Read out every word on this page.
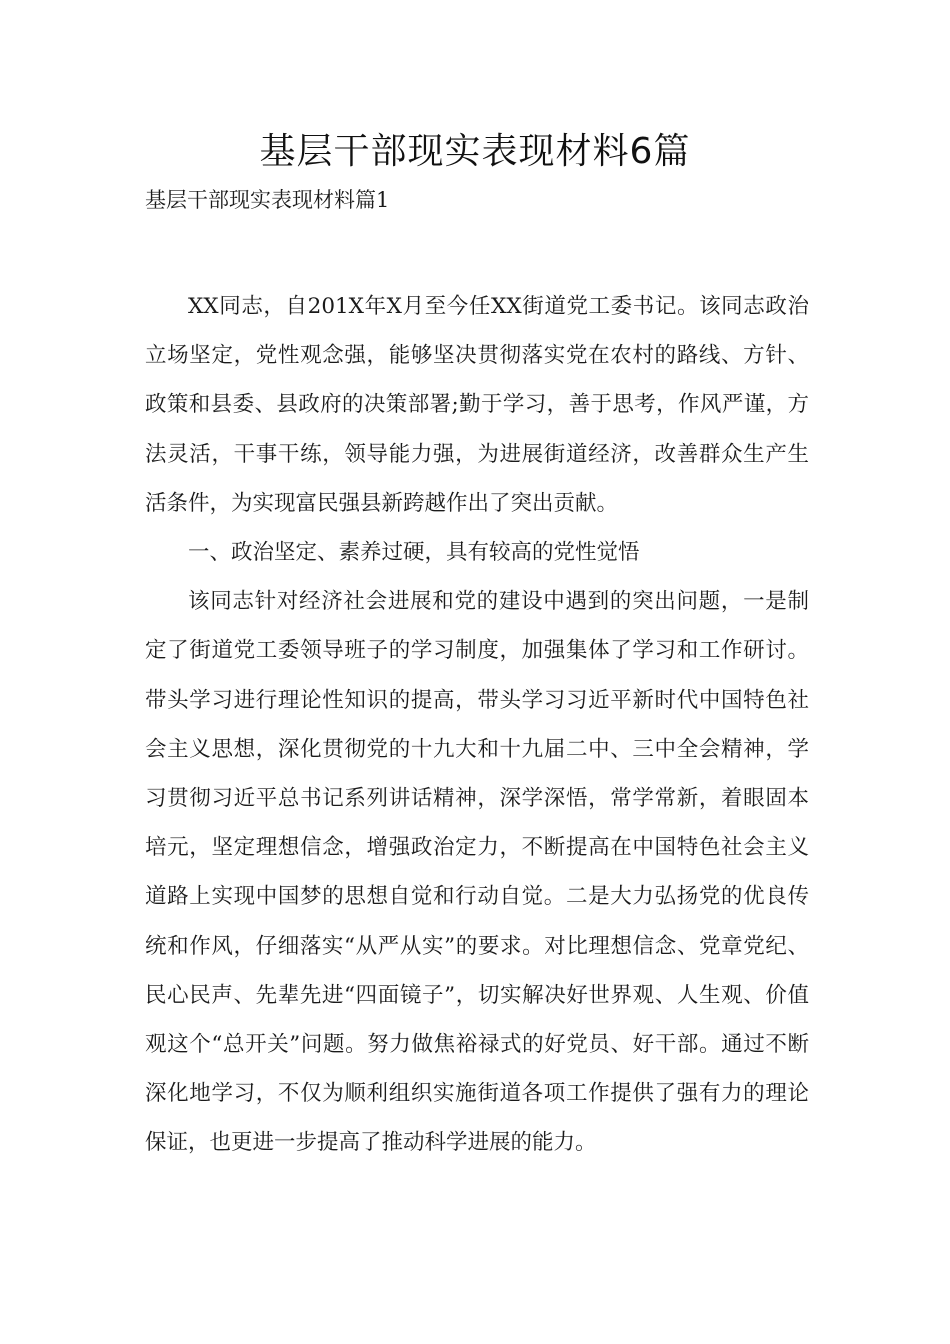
基层干部现实表现材料6篇
基层干部现实表现材料篇1

XX同志，自201X年X月至今任XX街道党工委书记。该同志政治立场坚定，党性观念强，能够坚决贯彻落实党在农村的路线、方针、政策和县委、县政府的决策部署;勤于学习，善于思考，作风严谨，方法灵活，干事干练，领导能力强，为进展街道经济，改善群众生产生活条件，为实现富民强县新跨越作出了突出贡献。

一、政治坚定、素养过硬，具有较高的党性觉悟

该同志针对经济社会进展和党的建设中遇到的突出问题，一是制定了街道党工委领导班子的学习制度，加强集体了学习和工作研讨。带头学习进行理论性知识的提高，带头学习习近平新时代中国特色社会主义思想，深化贯彻党的十九大和十九届二中、三中全会精神，学习贯彻习近平总书记系列讲话精神，深学深悟，常学常新，着眼固本培元，坚定理想信念，增强政治定力，不断提高在中国特色社会主义道路上实现中国梦的思想自觉和行动自觉。二是大力弘扬党的优良传统和作风，仔细落实“从严从实”的要求。对比理想信念、党章党纪、民心民声、先辈先进“四面镜子”，切实解决好世界观、人生观、价值观这个“总开关”问题。努力做焦裕禄式的好党员、好干部。通过不断深化地学习，不仅为顺利组织实施街道各项工作提供了强有力的理论保证，也更进一步提高了推动科学进展的能力。
